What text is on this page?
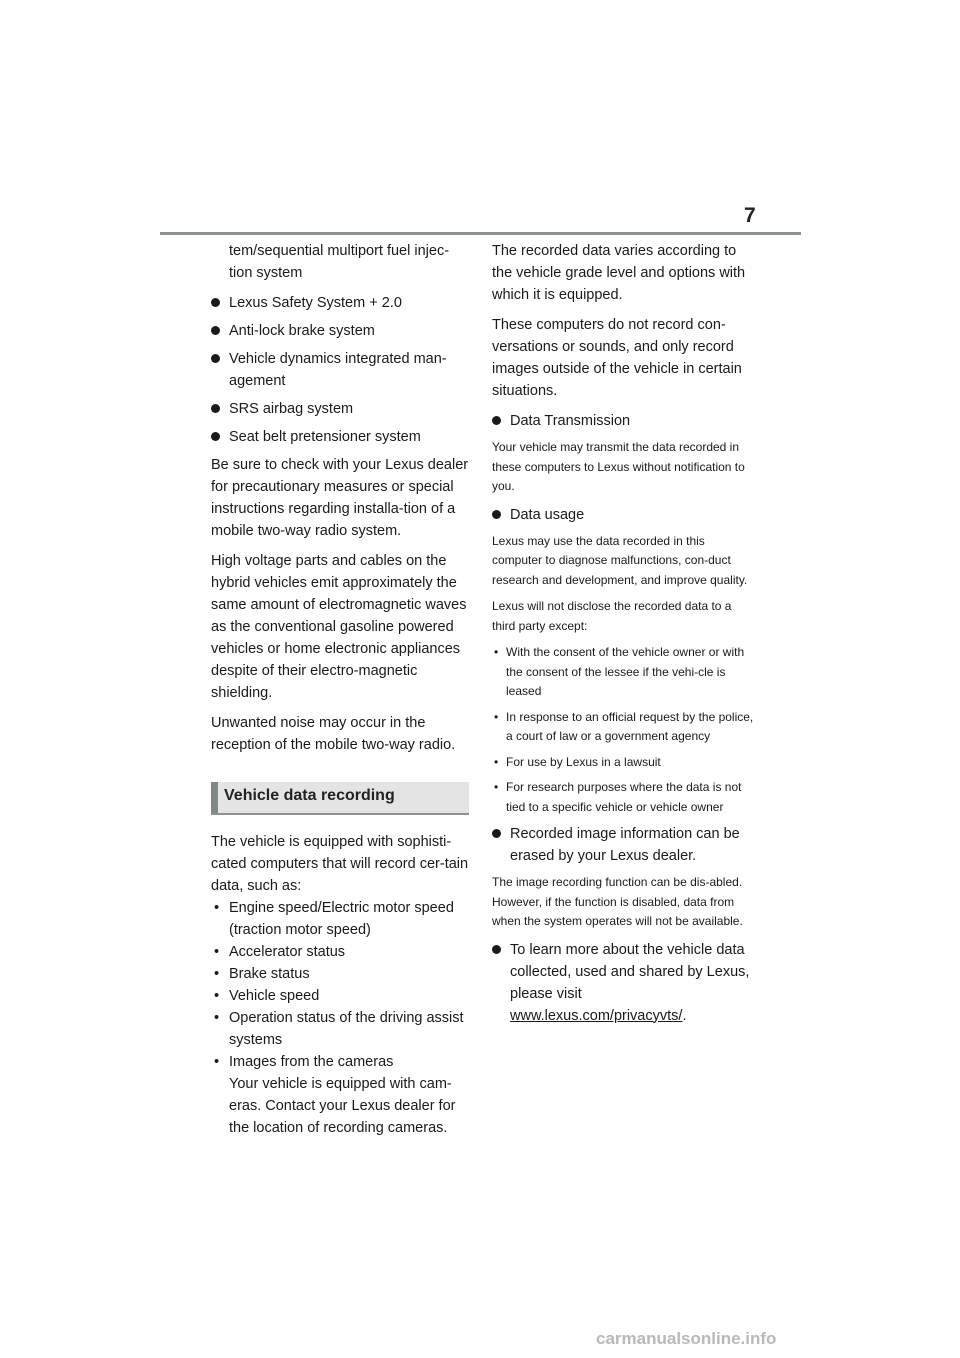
7
tem/sequential multiport fuel injec-
tion system
Lexus Safety System + 2.0
Anti-lock brake system
Vehicle dynamics integrated man-agement
SRS airbag system
Seat belt pretensioner system

Be sure to check with your Lexus dealer for precautionary measures or special instructions regarding installa-tion of a mobile two-way radio system.

High voltage parts and cables on the hybrid vehicles emit approximately the same amount of electromagnetic waves as the conventional gasoline powered vehicles or home electronic appliances despite of their electro-magnetic shielding.

Unwanted noise may occur in the reception of the mobile two-way radio.

Vehicle data recording

The vehicle is equipped with sophisti-cated computers that will record cer-tain data, such as:

• Engine speed/Electric motor speed (traction motor speed)
• Accelerator status
• Brake status
• Vehicle speed
• Operation status of the driving assist systems
• Images from the cameras
Your vehicle is equipped with cam-eras. Contact your Lexus dealer for the location of recording cameras.

The recorded data varies according to the vehicle grade level and options with which it is equipped.

These computers do not record con-versations or sounds, and only record images outside of the vehicle in certain situations.

Data Transmission

Your vehicle may transmit the data recorded in these computers to Lexus without notification to you.

Data usage

Lexus may use the data recorded in this computer to diagnose malfunctions, con-duct research and development, and improve quality.

Lexus will not disclose the recorded data to a third party except:

• With the consent of the vehicle owner or with the consent of the lessee if the vehi-cle is leased
• In response to an official request by the police, a court of law or a government agency
• For use by Lexus in a lawsuit
• For research purposes where the data is not tied to a specific vehicle or vehicle owner
Recorded image information can be erased by your Lexus dealer.

The image recording function can be dis-abled. However, if the function is disabled, data from when the system operates will not be available.

To learn more about the vehicle data collected, used and shared by Lexus, please visit www.lexus.com/privacyvts/.
carmanualsonline.info
